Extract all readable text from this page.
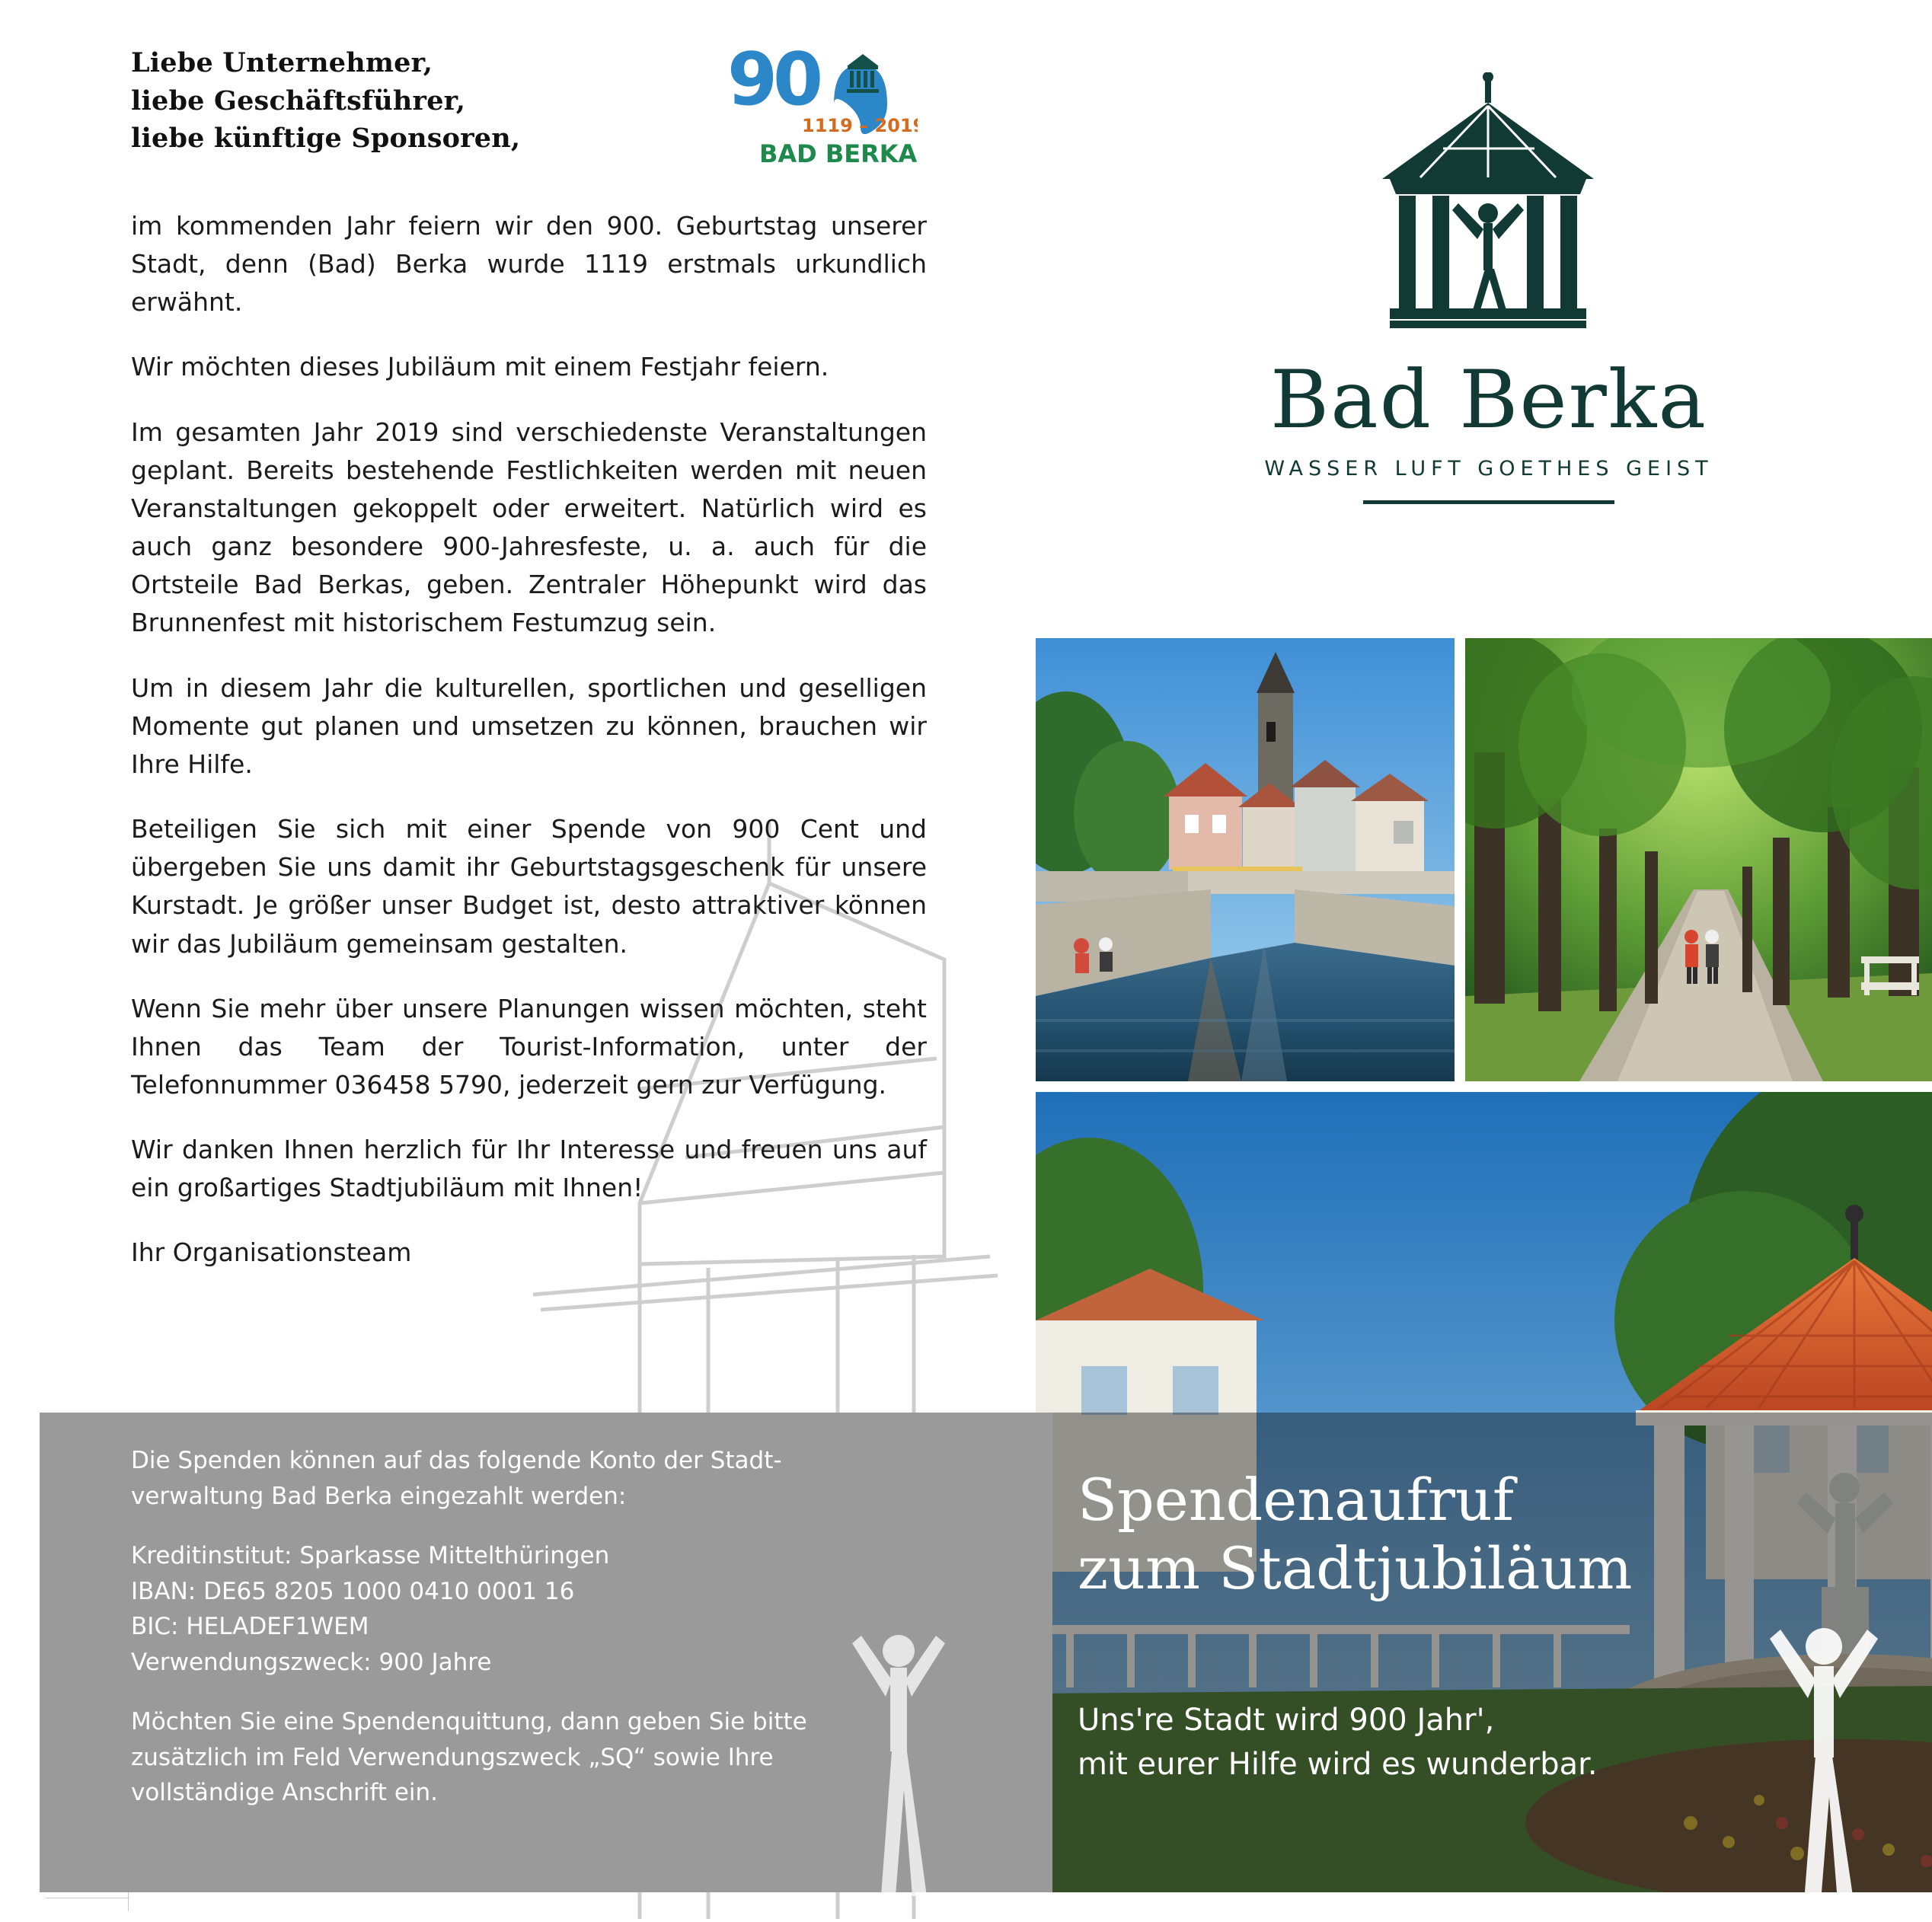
Liebe Unternehmer,
liebe Geschäftsführer,
liebe künftige Sponsoren,
9
0
1119 – 2019
BAD BERKA

im kommenden Jahr feiern wir den 900. Geburtstag unserer Stadt, denn (Bad) Berka wurde 1119 erstmals urkundlich erwähnt.

Wir möchten dieses Jubiläum mit einem Festjahr feiern.

Im gesamten Jahr 2019 sind verschiedenste Veranstaltungen geplant. Bereits bestehende Festlichkeiten werden mit neuen Veranstaltungen gekoppelt oder erweitert. Natürlich wird es auch ganz besondere 900-Jahresfeste, u. a. auch für die Ortsteile Bad Berkas, geben. Zentraler Höhepunkt wird das Brunnenfest mit historischem Festumzug sein.

Um in diesem Jahr die kulturellen, sportlichen und geselligen Momente gut planen und umsetzen zu können, brauchen wir Ihre Hilfe.

Beteiligen Sie sich mit einer Spende von 900 Cent und übergeben Sie uns damit ihr Geburtstagsgeschenk für unsere Kurstadt. Je größer unser Budget ist, desto attraktiver können wir das Jubiläum gemeinsam gestalten.

Wenn Sie mehr über unsere Planungen wissen möchten, steht Ihnen das Team der Tourist-Information, unter der Telefonnummer 036458 5790, jederzeit gern zur Verfügung.

Wir danken Ihnen herzlich für Ihr Interesse und freuen uns auf ein großartiges Stadtjubiläum mit Ihnen!

Ihr Organisationsteam

Bad Berka
WASSER LUFT GOETHES GEIST
Spendenaufruf
zum Stadtjubiläum
Uns're Stadt wird 900 Jahr',
mit eurer Hilfe wird es wunderbar.

Die Spenden können auf das folgende Konto der Stadt-
verwaltung Bad Berka eingezahlt werden:

Kreditinstitut: Sparkasse Mittelthüringen
IBAN: DE65 8205 1000 0410 0001 16
BIC: HELADEF1WEM
Verwendungszweck: 900 Jahre

Möchten Sie eine Spendenquittung, dann geben Sie bitte
zusätzlich im Feld Verwendungszweck „SQ“ sowie Ihre
vollständige Anschrift ein.
